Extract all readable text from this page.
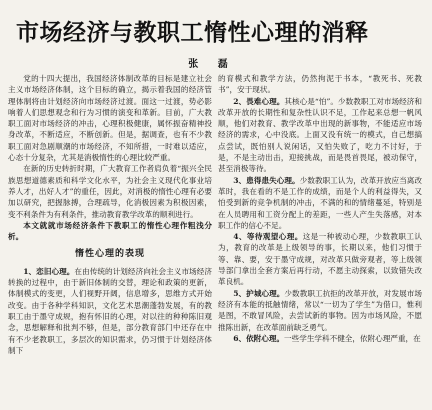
市场经济与教职工惰性心理的消释
张 磊

党的十四大提出，我国经济体制改革的目标是建立社会主义市场经济体制，这个目标的确立，揭示着我国的经济管理体制将由计划经济向市场经济过渡。面这一过渡，势必影响着人们思想观念和行为习惯的演变和革新。目前，广大教职工面对市场经济的冲击，心理积极健康，属怀振奋精神投身改革，不断适应，不断创新。但是，据调查，也有不少教职工面对急剧顺潮的市场经济，不知所措，一时难以适应，心态十分复杂，尤其是消极惰性的心理比较严重。

在新的历史转折时期，广大教育工作者肩负着“振兴全民族思想道德素质和科学文化水平，为社会主义现代化事业培养人才，出好人才”的重任，因此，对消极的惰性心理有必要加以研究，把握脉搏，合理疏导，化消极因素为积极因素，变不利条件为有利条件，推动教育教学改革的顺利进行。

本文就就市场经济条件下教职工的惰性心理作粗浅分析。

惰性心理的表现

1、恋旧心理。在由传统的计划经济向社会主义市场经济转换的过程中，由于新旧体制的交替，理论和政策的更新，体制模式的变更，人们视野开阔，信息增多，思维方式开始改变。由于各种学科知识，文化艺术思潮蓬勃发展，有的教职工由于墨守成规，抱有怀旧的心理，对以往的种种陈旧观念，思想解释和批判不够，但是，部分教育部门中还存在中有不少老教职工，多层次的知识需求，仍习惯于计划经济体制下

的育模式和教学方法，仍然拘泥于书本，“教死书、死教书”，安于现状。

2、畏难心理。其核心是“怕”。少数教职工对市场经济和改革开放的长期性和复杂性认识不足，工作起来总想一帆风顺，他们对教育、教学改革中出现的新事物，不能适应市场经济的需求，心中没底。上面又没有统一的模式，自己想搞点尝试，既怕别人说闲话，又怕失败了，吃力不讨好，于是，不是主动出击，迎接挑战，而是畏首畏尾，被动保守，甚至消极等待。

3、患得患失心理。少数教职工认为，改革开放应当离改革时，我在看的不是工作的成绩，而是个人的利益得失，又怕受到新的竞争机制的冲击，不满的和的情绪蔓延，特别是在人员聘用和工资分配上的差距，一些人产生失落感，对本职工作的信心不足。

4、等待观望心理。这是一种被动心理，少数教职工认为，教育的改革是上级领导的事，长期以来，他们习惯于等、靠、要，安于墨守成规，对改革只做旁观者，等上级领导部门拿出全套方案后再行动，不愿主动探索，以致错失改革良机。

5、护城心理。少数教职工抗拒的改革开放，对发展市场经济有本能的抵触情绪，常以“一切为了学生”为借口，惟利是图，不敢冒风险，去尝试新的事物。因为市场风险，不愿推陈出新，在改革面前缺乏勇气。

6、依附心理。一些学生学科不健全，依附心理严重，在
